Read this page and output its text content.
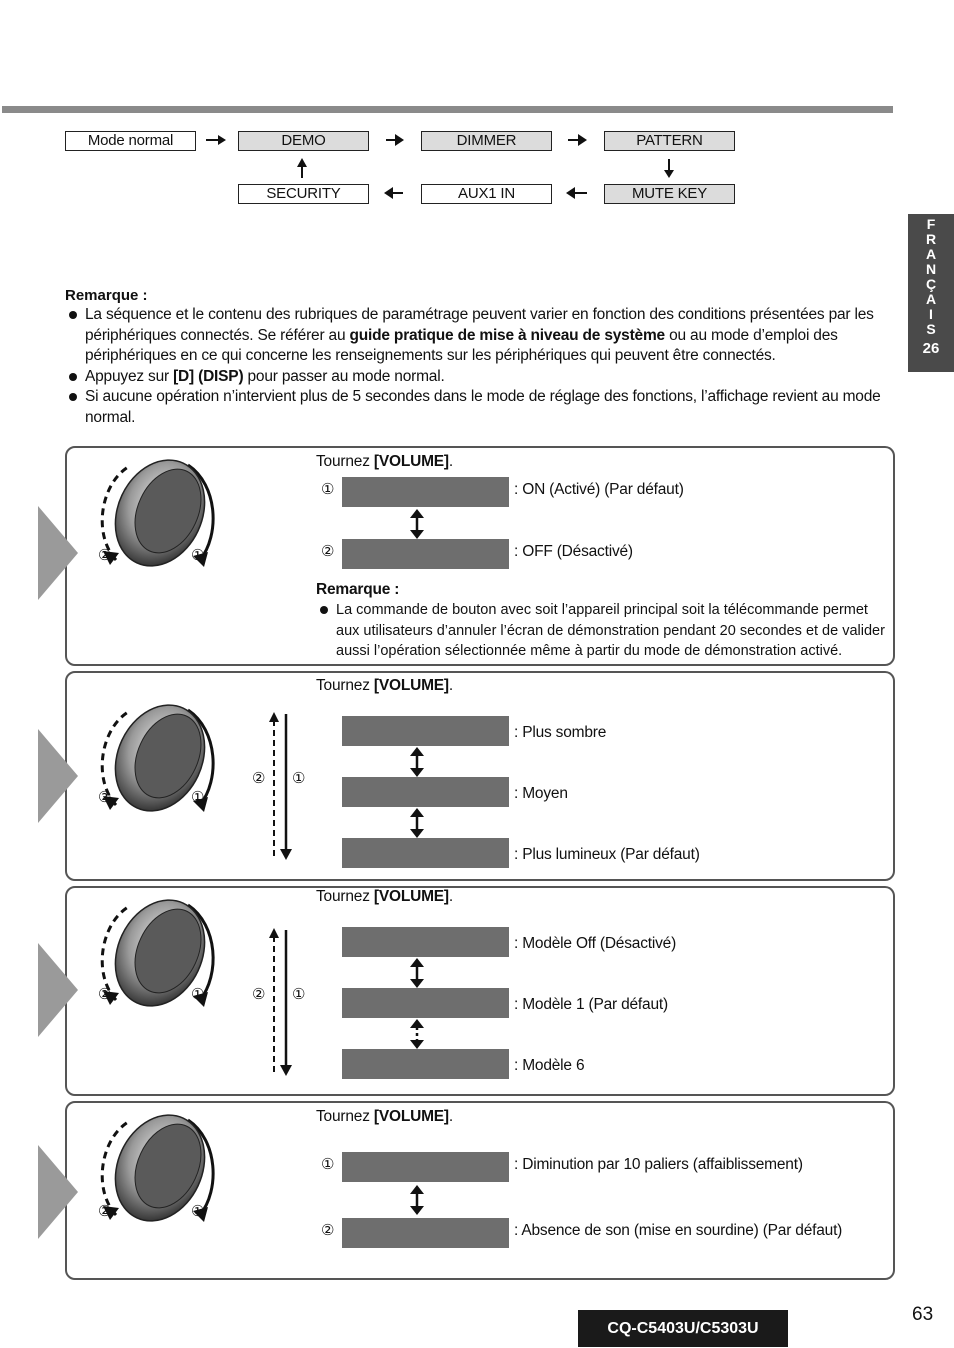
Mode normal	DEMO	DIMMER	PATTERN
SECURITY	AUX1 IN	MUTE KEY
F
R
A
N
Ç
A
I
S
26
Remarque :
La séquence et le contenu des rubriques de paramétrage peuvent varier en fonction des conditions présentées par les périphériques connectés. Se référer au guide pratique de mise à niveau de système ou au mode d’emploi des périphériques en ce qui concerne les renseignements sur les périphériques qui peuvent être connectés.
Appuyez sur [D] (DISP) pour passer au mode normal.
Si aucune opération n’intervient plus de 5 secondes dans le mode de réglage des fonctions, l’affichage revient au mode normal.
②	①
Tournez [VOLUME].
①	: ON (Activé) (Par défaut)
②	: OFF (Désactivé)
Remarque :
La commande de bouton avec soit l’appareil principal soit la télécommande permet aux utilisateurs d’annuler l’écran de démonstration pendant 20 secondes et de valider aussi l’opération sélectionnée même à partir du mode de démonstration activé.
②	①
Tournez [VOLUME].
② ①
: Plus sombre
: Moyen
: Plus lumineux (Par défaut)
②	①
Tournez [VOLUME].
② ①
: Modèle Off (Désactivé)
: Modèle 1 (Par défaut)
: Modèle 6
②	①
Tournez [VOLUME].
①	: Diminution par 10 paliers (affaiblissement)
②	: Absence de son (mise en sourdine) (Par défaut)
CQ-C5403U/C5303U
63
